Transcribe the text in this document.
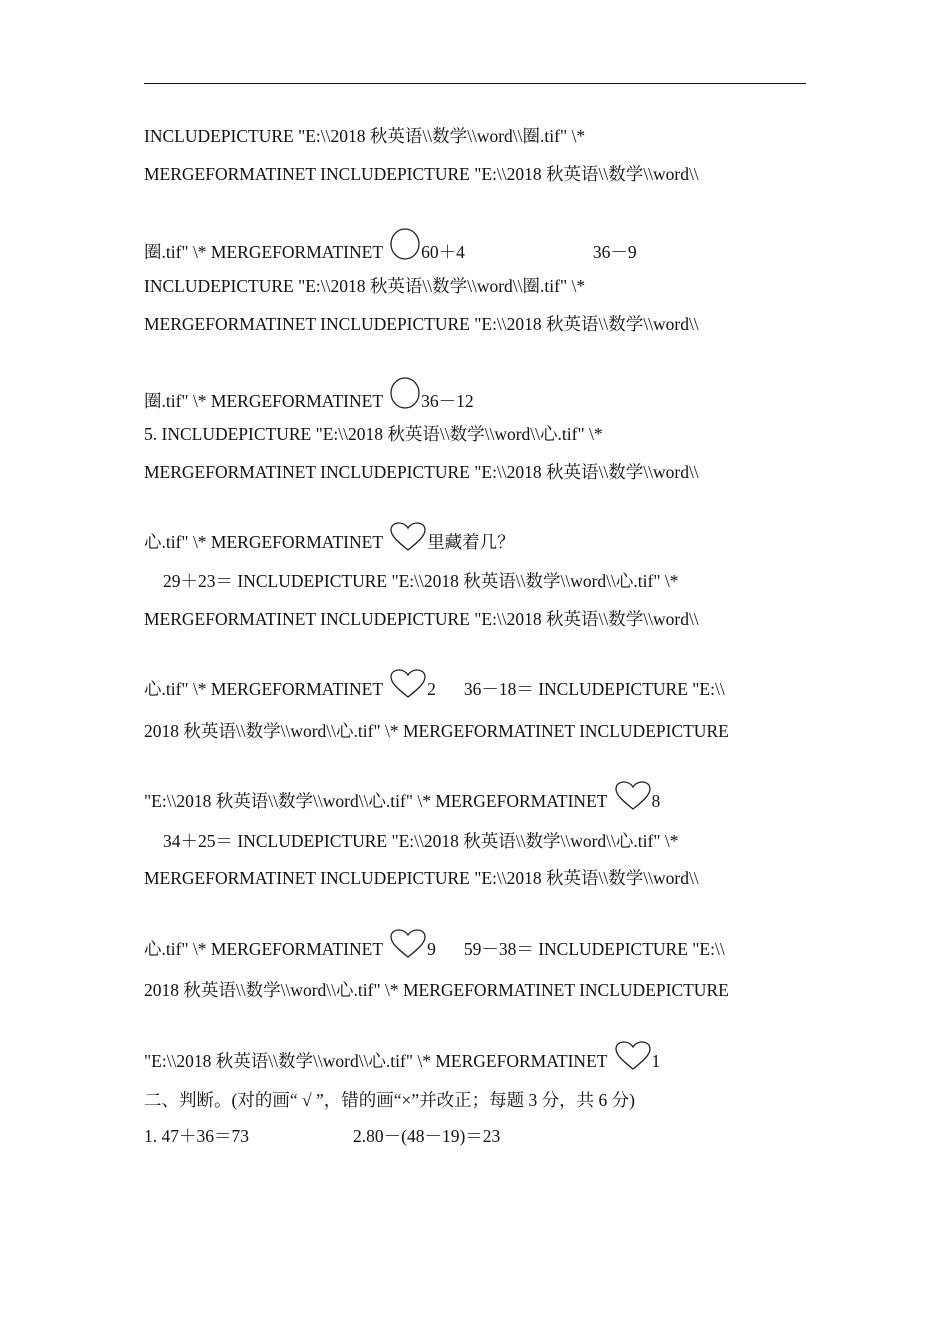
INCLUDEPICTURE "E:\\2018 秋英语\\数学\\word\\圈.tif" \*
MERGEFORMATINET INCLUDEPICTURE "E:\\2018 秋英语\\数学\\word\\
圈.tif" \* MERGEFORMATINET
60＋4	36－9
INCLUDEPICTURE "E:\\2018 秋英语\\数学\\word\\圈.tif" \*
MERGEFORMATINET INCLUDEPICTURE "E:\\2018 秋英语\\数学\\word\\
圈.tif" \* MERGEFORMATINET
36－12
5. INCLUDEPICTURE "E:\\2018 秋英语\\数学\\word\\心.tif" \*
MERGEFORMATINET INCLUDEPICTURE "E:\\2018 秋英语\\数学\\word\\
心.tif" \* MERGEFORMATINET
里藏着几？
29＋23＝ INCLUDEPICTURE "E:\\2018 秋英语\\数学\\word\\心.tif" \*
MERGEFORMATINET INCLUDEPICTURE "E:\\2018 秋英语\\数学\\word\\
心.tif" \* MERGEFORMATINET
2 36－18＝ INCLUDEPICTURE "E:\\
2018 秋英语\\数学\\word\\心.tif" \* MERGEFORMATINET INCLUDEPICTURE
"E:\\2018 秋英语\\数学\\word\\心.tif" \* MERGEFORMATINET
8
34＋25＝ INCLUDEPICTURE "E:\\2018 秋英语\\数学\\word\\心.tif" \*
MERGEFORMATINET INCLUDEPICTURE "E:\\2018 秋英语\\数学\\word\\
心.tif" \* MERGEFORMATINET
9 59－38＝ INCLUDEPICTURE "E:\\
2018 秋英语\\数学\\word\\心.tif" \* MERGEFORMATINET INCLUDEPICTURE
"E:\\2018 秋英语\\数学\\word\\心.tif" \* MERGEFORMATINET
1
二、判断。(对的画“ √ ”，错的画“×”并改正；每题 3 分，共 6 分)
1. 47＋36＝73	2.80－(48－19)＝23
